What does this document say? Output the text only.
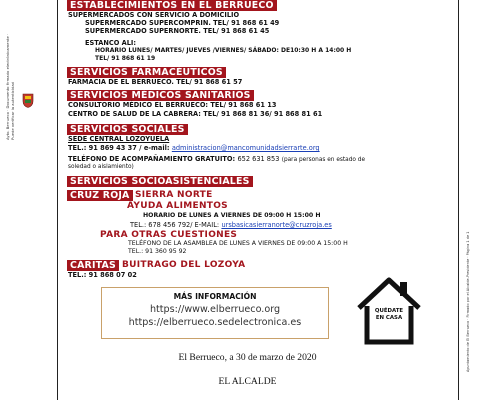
Ayto. Berrueco · Documento firmado electrónicamente · Puede verificar la autenticidad
Ayuntamiento de El Berrueco · Firmado por el Alcalde-Presidente · Página 1 de 1
ESTABLECIMIENTOS EN EL BERRUECO
SUPERMERCADOS CON SERVICIO A DOMICILIO
SUPERMERCADO SUPERCOMPRIN. TEL/ 91 868 61 49
SUPERMERCADO SUPERNORTE. TEL/ 91 868 61 45
ESTANCO ALI:
HORARIO LUNES/ MARTES/ JUEVES /VIERNES/ SÁBADO: DE10:30 H A 14:00 H
TEL/ 91 868 61 19
SERVICIOS FARMACÉUTICOS
FARMACIA DE EL BERRUECO. TEL/ 91 868 61 57
SERVICIOS MÉDICOS SANITARIOS
CONSULTORIO MÉDICO EL BERRUECO: TEL/ 91 868 61 13
CENTRO DE SALUD DE LA CABRERA: TEL/ 91 868 81 36/ 91 868 81 61
SERVICIOS SOCIALES
SEDE CENTRAL LOZOYUELA
TEL.: 91 869 43 37 / e-mail: administracion@mancomunidadsierrarte.org
TELÉFONO DE ACOMPAÑAMIENTO GRATUITO: 652 631 853 (para personas en estado de
soledad o aislamiento)
SERVICIOS SOCIOASISTENCIALES
CRUZ ROJA SIERRA NORTE
AYUDA ALIMENTOS
HORARIO DE LUNES A VIERNES DE 09:00 H 15:00 H
TEL.: 678 456 792/ E-MAIL: ursbasicasierranorte@cruzroja.es
PARA OTRAS CUESTIONES
TELÉFONO DE LA ASAMBLEA DE LUNES A VIERNES DE 09:00 A 15:00 H
TEL.: 91 360 95 92
CÁRITAS BUITRAGO DEL LOZOYA
TEL.: 91 868 07 02
MÁS INFORMACIÓN
https://www.elberrueco.org
https://elberrueco.sedelectronica.es
QUÉDATE
EN CASA
El Berrueco, a 30 de marzo de 2020
EL ALCALDE
